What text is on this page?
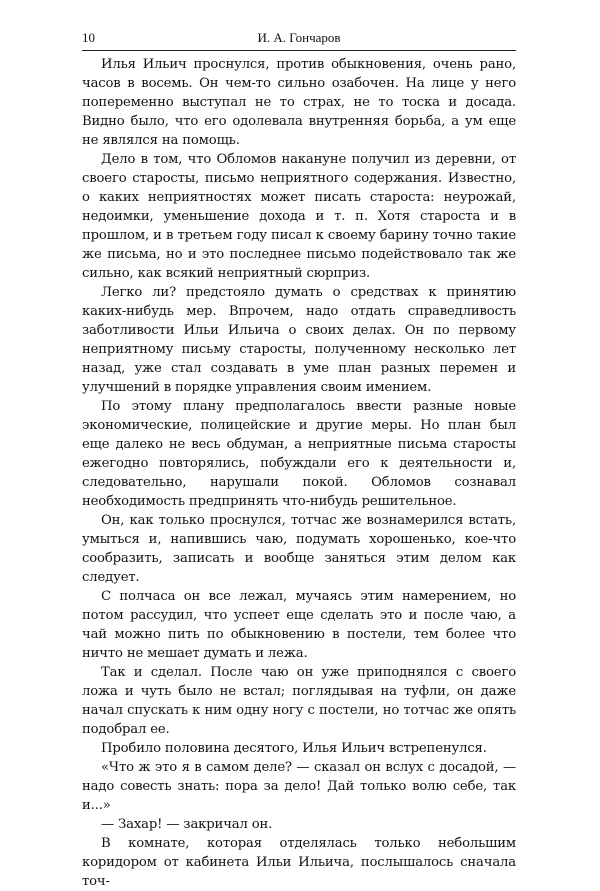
10	И. А. Гончаров

Илья Ильич проснулся, против обыкновения, очень рано, часов в восемь. Он чем-то сильно озабочен. На лице у него попеременно выступал не то страх, не то тоска и досада. Видно было, что его одолевала внутренняя борьба, а ум еще не являлся на помощь.

Дело в том, что Обломов накануне получил из деревни, от своего старосты, письмо неприятного содержания. Известно, о каких неприятностях может писать староста: неурожай, недоимки, уменьшение дохода и т. п. Хотя староста и в прошлом, и в третьем году писал к своему барину точно такие же письма, но и это последнее письмо подействовало так же сильно, как всякий неприятный сюрприз.

Легко ли? предстояло думать о средствах к принятию каких-нибудь мер. Впрочем, надо отдать справедливость заботливости Ильи Ильича о своих делах. Он по первому неприятному письму старосты, полученному несколько лет назад, уже стал создавать в уме план разных перемен и улучшений в порядке управления своим имением.

По этому плану предполагалось ввести разные новые экономические, полицейские и другие меры. Но план был еще далеко не весь обдуман, а неприятные письма старосты ежегодно повторялись, побуждали его к деятельности и, следовательно, нарушали покой. Обломов сознавал необходимость предпринять что-нибудь решительное.

Он, как только проснулся, тотчас же вознамерился встать, умыться и, напившись чаю, подумать хорошенько, коe-что сообразить, записать и вообще заняться этим делом как следует.

С полчаса он все лежал, мучаясь этим намерением, но потом рассудил, что успеет еще сделать это и после чаю, а чай можно пить по обыкновению в постели, тем более что ничто не мешает думать и лежа.

Так и сделал. После чаю он уже приподнялся с своего ложа и чуть было не встал; поглядывая на туфли, он даже начал спускать к ним одну ногу с постели, но тотчас же опять подобрал ее.

Пробило половина десятого, Илья Ильич встрепенулся.

«Что ж это я в самом деле? — сказал он вслух с досадой, — надо совесть знать: пора за дело! Дай только волю себе, так и...»

— Захар! — закричал он.

В комнате, которая отделялась только небольшим коридором от кабинета Ильи Ильича, послышалось сначала точ-
